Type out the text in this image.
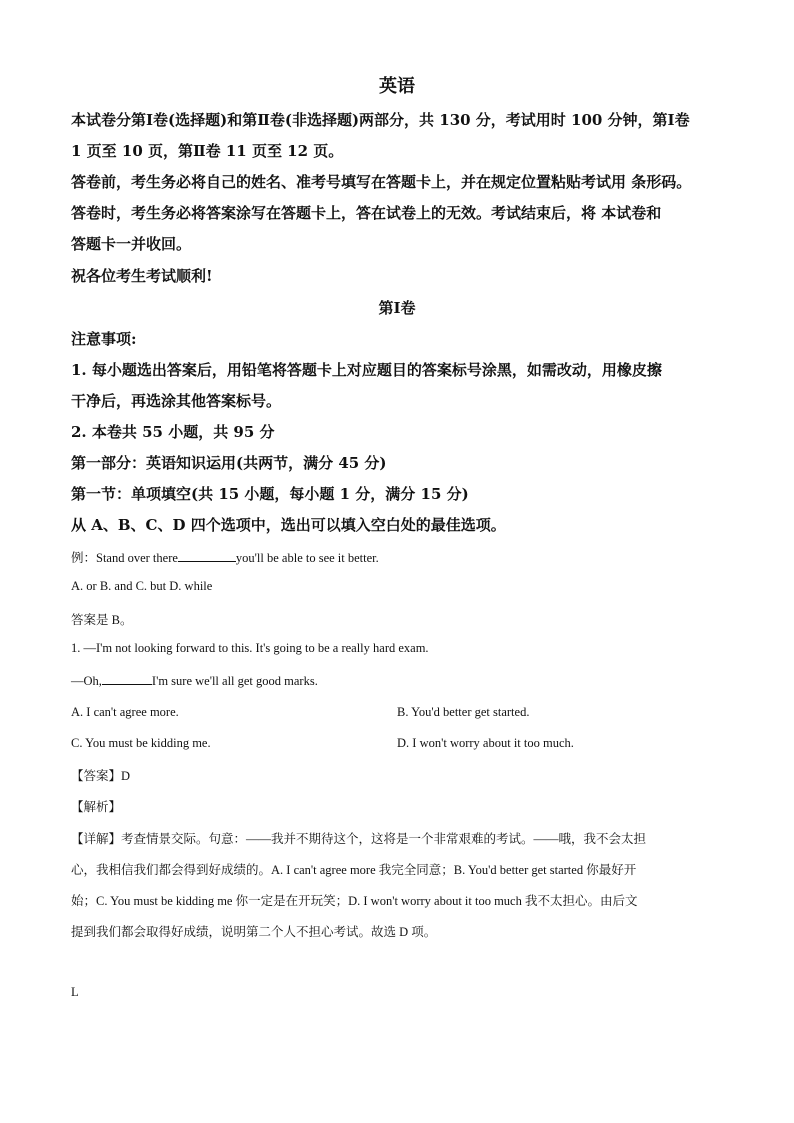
英语
本试卷分第Ⅰ卷(选择题)和第Ⅱ卷(非选择题)两部分，共 130 分，考试用时 100 分钟，第Ⅰ卷
1 页至 10 页，第Ⅱ卷 11 页至 12 页。
答卷前，考生务必将自己的姓名、准考号填写在答题卡上，并在规定位置粘贴考试用 条形码。
答卷时，考生务必将答案涂写在答题卡上，答在试卷上的无效。考试结束后，将 本试卷和
答题卡一并收回。
祝各位考生考试顺利!
第Ⅰ卷
注意事项:
1. 每小题选出答案后，用铅笔将答题卡上对应题目的答案标号涂黑，如需改动，用橡皮擦
干净后，再选涂其他答案标号。
2. 本卷共 55 小题，共 95 分
第一部分：英语知识运用(共两节，满分 45 分)
第一节：单项填空(共 15 小题，每小题 1 分，满分 15 分)
从 A、B、C、D 四个选项中，选出可以填入空白处的最佳选项。
例：Stand over there	you'll be able to see it better.
A. or B. and C. but D. while
答案是 B。
1. —I'm not looking forward to this. It's going to be a really hard exam.
—Oh,	I'm sure we'll all get good marks.
A. I can't agree more.	B. You'd better get started.
C. You must be kidding me.	D. I won't worry about it too much.
【答案】D
【解析】
【详解】考查情景交际。句意：——我并不期待这个，这将是一个非常艰难的考试。——哦，我不会太担
心，我相信我们都会得到好成绩的。A. I can't agree more 我完全同意；B. You'd better get started 你最好开
始；C. You must be kidding me 你一定是在开玩笑；D. I won't worry about it too much 我不太担心。由后文
提到我们都会取得好成绩，说明第二个人不担心考试。故选 D 项。
L
